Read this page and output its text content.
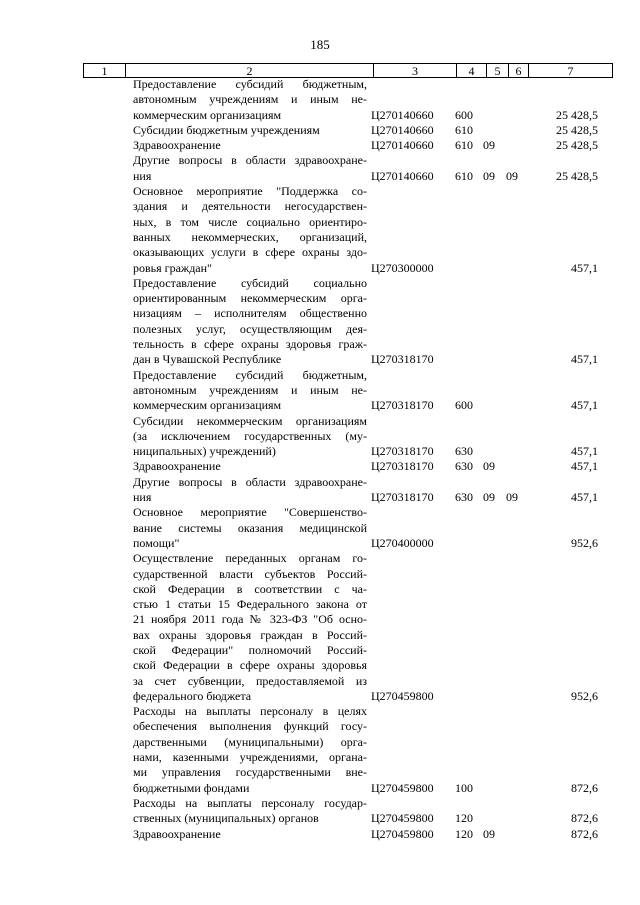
185
1	2	3	4	5	6	7
Предоставление субсидий бюджетным,
автономным учреждениям и иным не-
коммерческим организациям	Ц270140660 600	25 428,5
Субсидии бюджетным учреждениям	Ц270140660 610	25 428,5
Здравоохранение	Ц270140660 610 09	25 428,5
Другие вопросы в области здравоохране-
ния	Ц270140660 610 09 09	25 428,5
Основное мероприятие "Поддержка со-
здания и деятельности негосударствен-
ных, в том числе социально ориентиро-
ванных некоммерческих, организаций,
оказывающих услуги в сфере охраны здо-
ровья граждан"	Ц270300000	457,1
Предоставление субсидий социально
ориентированным некоммерческим орга-
низациям – исполнителям общественно
полезных услуг, осуществляющим дея-
тельность в сфере охраны здоровья граж-
дан в Чувашской Республике	Ц270318170	457,1
Предоставление субсидий бюджетным,
автономным учреждениям и иным не-
коммерческим организациям	Ц270318170 600	457,1
Субсидии некоммерческим организациям
(за исключением государственных (му-
ниципальных) учреждений)	Ц270318170 630	457,1
Здравоохранение	Ц270318170 630 09	457,1
Другие вопросы в области здравоохране-
ния	Ц270318170 630 09 09	457,1
Основное мероприятие "Совершенство-
вание системы оказания медицинской
помощи"	Ц270400000	952,6
Осуществление переданных органам го-
сударственной власти субъектов Россий-
ской Федерации в соответствии с ча-
стью 1 статьи 15 Федерального закона от
21 ноября 2011 года № 323-ФЗ "Об осно-
вах охраны здоровья граждан в Россий-
ской Федерации" полномочий Россий-
ской Федерации в сфере охраны здоровья
за счет субвенции, предоставляемой из
федерального бюджета	Ц270459800	952,6
Расходы на выплаты персоналу в целях
обеспечения выполнения функций госу-
дарственными (муниципальными) орга-
нами, казенными учреждениями, органа-
ми управления государственными вне-
бюджетными фондами	Ц270459800 100	872,6
Расходы на выплаты персоналу государ-
ственных (муниципальных) органов	Ц270459800 120	872,6
Здравоохранение	Ц270459800 120 09	872,6
